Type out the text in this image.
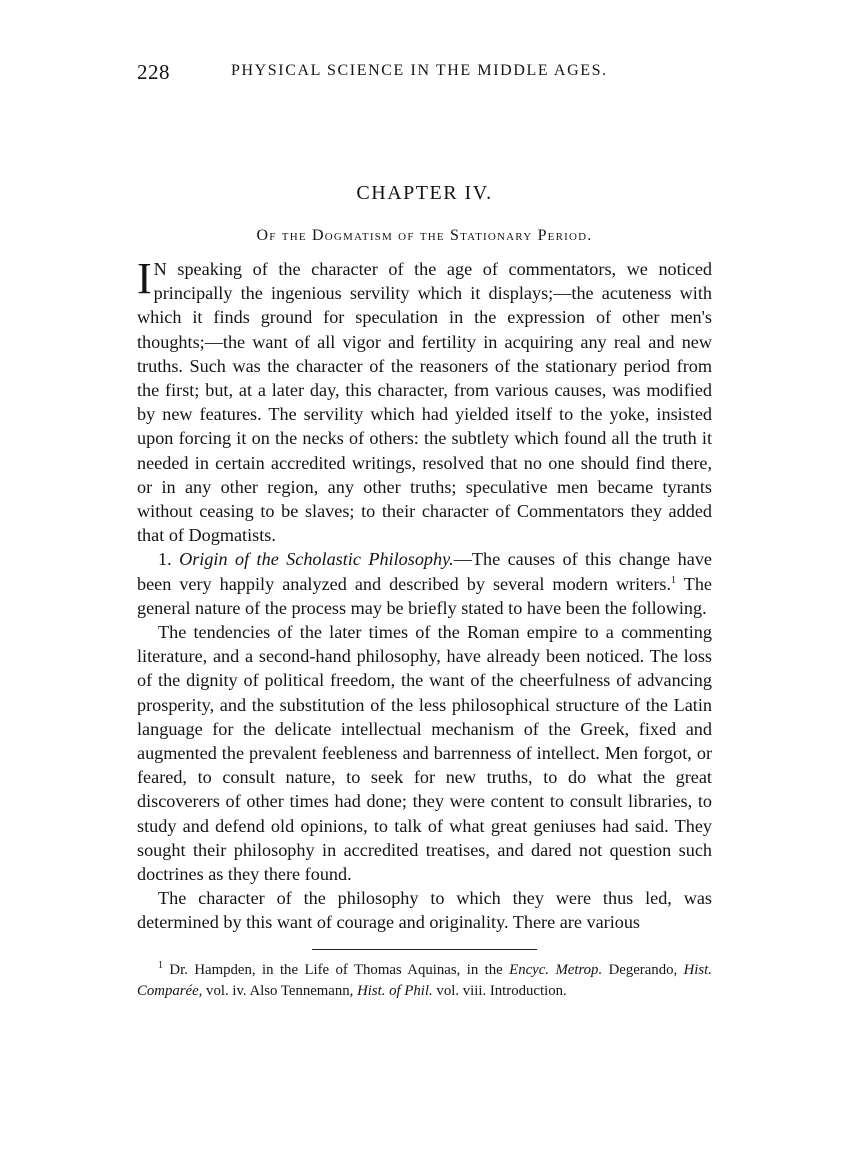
228	PHYSICAL SCIENCE IN THE MIDDLE AGES.
CHAPTER IV.
Of the Dogmatism of the Stationary Period.

I N speaking of the character of the age of commentators, we noticed principally the ingenious servility which it displays;—the acuteness with which it finds ground for speculation in the expression of other men's thoughts;—the want of all vigor and fertility in acquiring any real and new truths. Such was the character of the reasoners of the stationary period from the first; but, at a later day, this character, from various causes, was modified by new features. The servility which had yielded itself to the yoke, insisted upon forcing it on the necks of others: the subtlety which found all the truth it needed in certain accredited writings, resolved that no one should find there, or in any other region, any other truths; speculative men became tyrants without ceasing to be slaves; to their character of Commentators they added that of Dogmatists.

1. Origin of the Scholastic Philosophy.—The causes of this change have been very happily analyzed and described by several modern writers.$^1$ The general nature of the process may be briefly stated to have been the following.

The tendencies of the later times of the Roman empire to a commenting literature, and a second-hand philosophy, have already been noticed. The loss of the dignity of political freedom, the want of the cheerfulness of advancing prosperity, and the substitution of the less philosophical structure of the Latin language for the delicate intellectual mechanism of the Greek, fixed and augmented the prevalent feebleness and barrenness of intellect. Men forgot, or feared, to consult nature, to seek for new truths, to do what the great discoverers of other times had done; they were content to consult libraries, to study and defend old opinions, to talk of what great geniuses had said. They sought their philosophy in accredited treatises, and dared not question such doctrines as they there found.

The character of the philosophy to which they were thus led, was determined by this want of courage and originality. There are various

$^1$ Dr. Hampden, in the Life of Thomas Aquinas, in the Encyc. Metrop. Degerando, Hist. Comparée, vol. iv. Also Tennemann, Hist. of Phil. vol. viii. Introduction.
